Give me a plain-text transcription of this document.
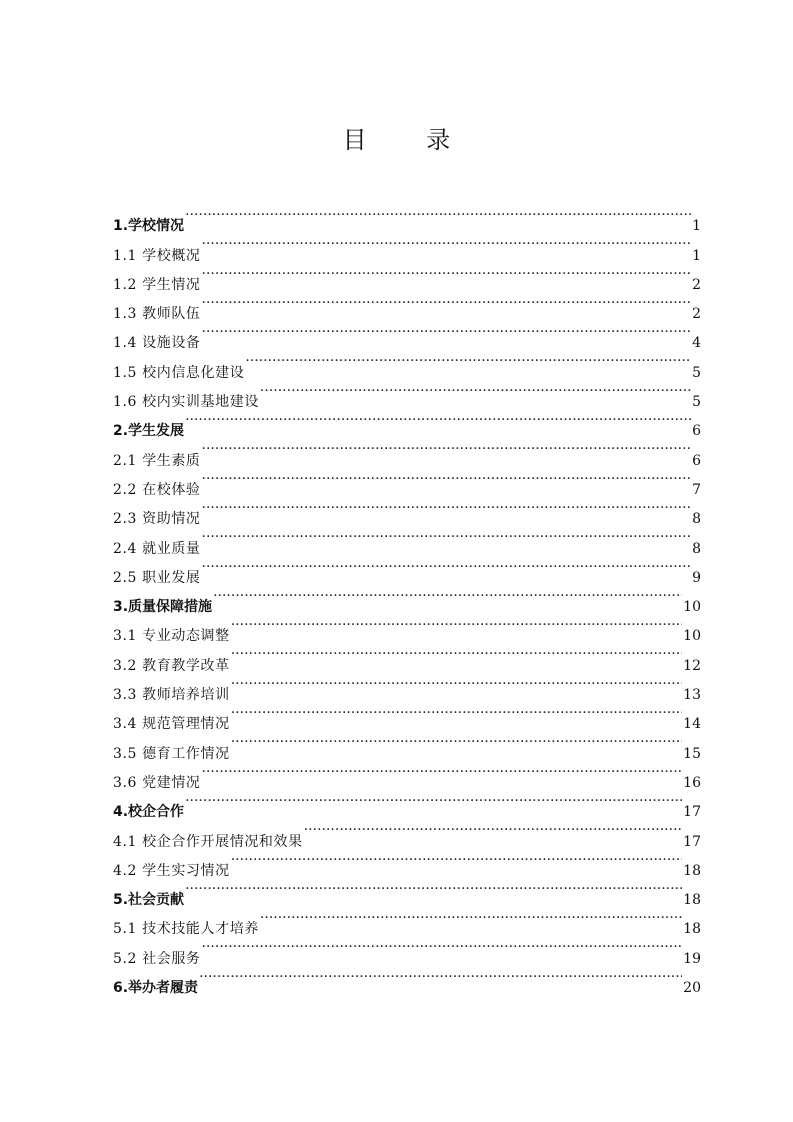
目 录
1.学校情况 ·····	1
1.1 学校概况 ·····	1
1.2 学生情况 ·····	2
1.3 教师队伍 ·····	2
1.4 设施设备 ·····	4
1.5 校内信息化建设 ·····	5
1.6 校内实训基地建设 ·····	5
2.学生发展 ·····	6
2.1 学生素质 ·····	6
2.2 在校体验 ·····	7
2.3 资助情况 ·····	8
2.4 就业质量 ·····	8
2.5 职业发展 ·····	9
3.质量保障措施 ·····	10
3.1 专业动态调整 ·····	10
3.2 教育教学改革 ·····	12
3.3 教师培养培训 ·····	13
3.4 规范管理情况 ·····	14
3.5 德育工作情况 ·····	15
3.6 党建情况 ·····	16
4.校企合作 ·····	17
4.1 校企合作开展情况和效果 ·····	17
4.2 学生实习情况 ·····	18
5.社会贡献 ·····	18
5.1 技术技能人才培养 ·····	18
5.2 社会服务 ·····	19
6.举办者履责 ·····	20
